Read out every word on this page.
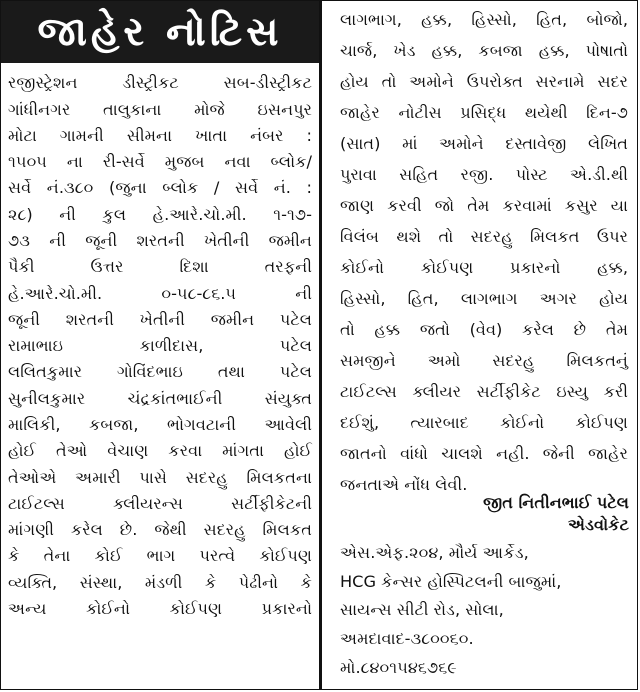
જાહેર નોટિસ
રજીસ્ટ્રેશન ડીસ્ટ્રીકટ સબ-ડીસ્ટ્રીકટ
ગાંધીનગર તાલુકાના મોજે ઇસનપુર
મોટા ગામની સીમના ખાતા નંબર :
૧૫૦૫ ના રી-સર્વે મુજબ નવા બ્લોક/
સર્વે નં.૩૮૦ (જુના બ્લોક / સર્વે નં. :
૨૮) ની કુલ હે.આરે.ચો.મી. ૧-૧૭-
૭૩ ની જૂની શરતની ખેતીની જમીન
પૈકી ઉત્તર દિશા તરફની
હે.આરે.ચો.મી. ૦-૫૮-૮૬.૫ ની
જૂની શરતની ખેતીની જમીન પટેલ
રામાભાઇ કાળીદાસ, પટેલ
લલિતકુમાર ગોવિંદભાઇ તથા પટેલ
સુનીલકુમાર ચંદ્રકાંતભાઈની સંયુક્ત
માલિકી, કબજા, ભોગવટાની આવેલી
હોઈ તેઓ વેચાણ કરવા માંગતા હોઈ
તેઓએ અમારી પાસે સદરહુ મિલકતના
ટાઈટલ્સ ક્લીયરન્સ સર્ટીફીકેટની
માંગણી કરેલ છે. જેથી સદરહુ મિલકત
કે તેના કોઈ ભાગ પરત્વે કોઈપણ
વ્યક્તિ, સંસ્થા, મંડળી કે પેઢીનો કે
અન્ય કોઈનો કોઈપણ પ્રકારનો
લાગભાગ, હક્ક, હિસ્સો, હિત, બોજો,
ચાર્જ, ખેડ હક્ક, કબજા હક્ક, પોષાતો
હોય તો અમોને ઉપરોક્ત સરનામે સદર
જાહેર નોટીસ પ્રસિદ્ધ થયેથી દિન-૭
(સાત) માં અમોને દસ્તાવેજી લેખિત
પુરાવા સહિત રજી. પોસ્ટ એ.ડી.થી
જાણ કરવી જો તેમ કરવામાં કસુર યા
વિલંબ થશે તો સદરહુ મિલકત ઉપર
કોઈનો કોઈપણ પ્રકારનો હક્ક,
હિસ્સો, હિત, લાગભાગ અગર હોય
તો હક્ક જતો (વેવ) કરેલ છે તેમ
સમજીને અમો સદરહુ મિલકતનું
ટાઈટલ્સ ક્લીયર સર્ટીફીકેટ ઇસ્યુ કરી
દઈશું, ત્યારબાદ કોઈનો કોઈપણ
જાતનો વાંધો ચાલશે નહી. જેની જાહેર
જનતાએ નોંધ લેવી.
જીત નિતીનભાઈ પટેલ
એડવોકેટ
એસ.એફ.૨૦૪, મૌર્ય આર્કેડ,
HCG કેન્સર હોસ્પિટલની બાજુમાં,
સાયન્સ સીટી રોડ, સોલા,
અમદાવાદ-૩૮૦૦૬૦.
મો.૮૪૦૧૫૪૬૭૬૯
